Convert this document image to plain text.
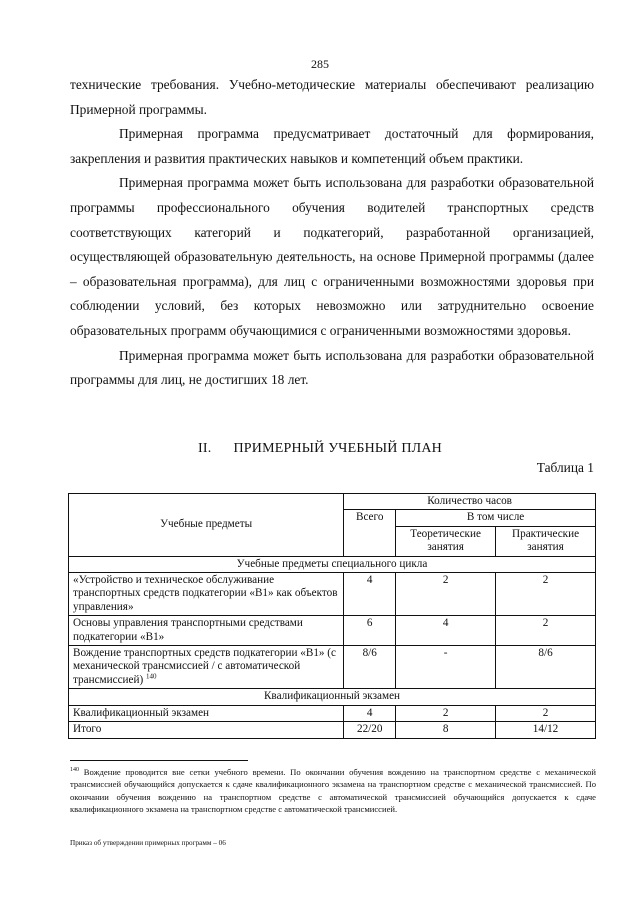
285

технические требования. Учебно-методические материалы обеспечивают реализацию Примерной программы.

Примерная программа предусматривает достаточный для формирования, закрепления и развития практических навыков и компетенций объем практики.

Примерная программа может быть использована для разработки образовательной программы профессионального обучения водителей транспортных средств соответствующих категорий и подкатегорий, разработанной организацией, осуществляющей образовательную деятельность, на основе Примерной программы (далее – образовательная программа), для лиц с ограниченными возможностями здоровья при соблюдении условий, без которых невозможно или затруднительно освоение образовательных программ обучающимися с ограниченными возможностями здоровья.

Примерная программа может быть использована для разработки образовательной программы для лиц, не достигших 18 лет.

II. ПРИМЕРНЫЙ УЧЕБНЫЙ ПЛАН
Таблица 1
Учебные предметы	Количество часов		
	Всего	В том числе	
		Теоретические занятия	Практические занятия
Учебные предметы специального цикла			
«Устройство и техническое обслуживание транспортных средств подкатегории «В1» как объектов управления»	4	2	2
Основы управления транспортными средствами подкатегории «В1»	6	4	2
Вождение транспортных средств подкатегории «В1» (с механической трансмиссией / с автоматической трансмиссией) $^{140}$	8/6	-	8/6
Квалификационный экзамен			
Квалификационный экзамен	4	2	2
Итого	22/20	8	14/12
$^{140}$ Вождение проводится вне сетки учебного времени. По окончании обучения вождению на транспортном средстве с механической трансмиссией обучающийся допускается к сдаче квалификационного экзамена на транспортном средстве с механической трансмиссией. По окончании обучения вождению на транспортном средстве с автоматической трансмиссией обучающийся допускается к сдаче квалификационного экзамена на транспортном средстве с автоматической трансмиссией.
Приказ об утверждении примерных программ – 06
